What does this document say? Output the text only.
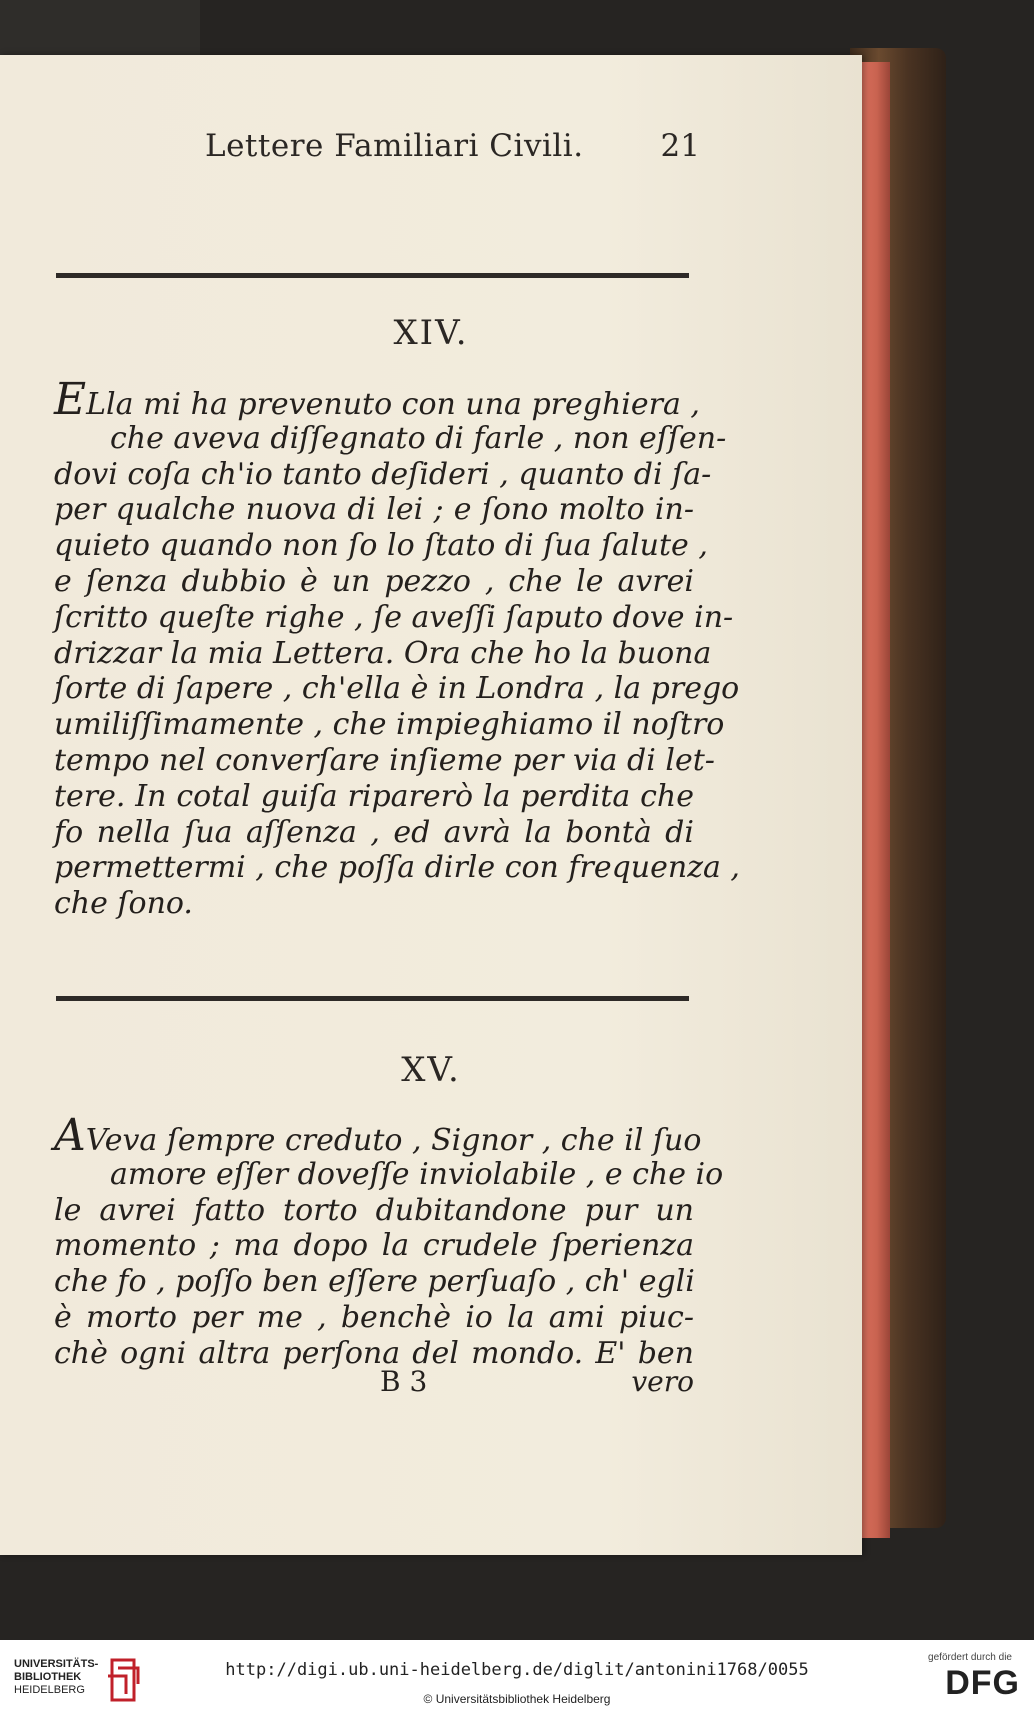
Lettere Familiari Civili. 21
XIV.
ELla mi ha prevenuto con una preghiera ,
che aveva diſſegnato di farle , non eſſen-
dovi coſa ch'io tanto deſideri , quanto di ſa-
per qualche nuova di lei ; e ſono molto in-
quieto quando non ſo lo ſtato di ſua ſalute ,
e ſenza dubbio è un pezzo , che le avrei
ſcritto queſte righe , ſe aveſſi ſaputo dove in-
drizzar la mia Lettera. Ora che ho la buona
ſorte di ſapere , ch'ella è in Londra , la prego
umiliſſimamente , che impieghiamo il noſtro
tempo nel converſare inſieme per via di let-
tere. In cotal guiſa riparerò la perdita che
fo nella ſua aſſenza , ed avrà la bontà di
permettermi , che poſſa dirle con frequenza ,
che ſono.
XV.
AVeva ſempre creduto , Signor , che il ſuo
amore eſſer doveſſe inviolabile , e che io
le avrei fatto torto dubitandone pur un
momento ; ma dopo la crudele ſperienza
che fo , poſſo ben eſſere perſuaſo , ch' egli
è morto per me , benchè io la ami piuc-
chè ogni altra perſona del mondo. E' ben
B 3	vero
UNIVERSITÄTS-
BIBLIOTHEK
HEIDELBERG
http://digi.ub.uni-heidelberg.de/diglit/antonini1768/0055
© Universitätsbibliothek Heidelberg
gefördert durch die
DFG
